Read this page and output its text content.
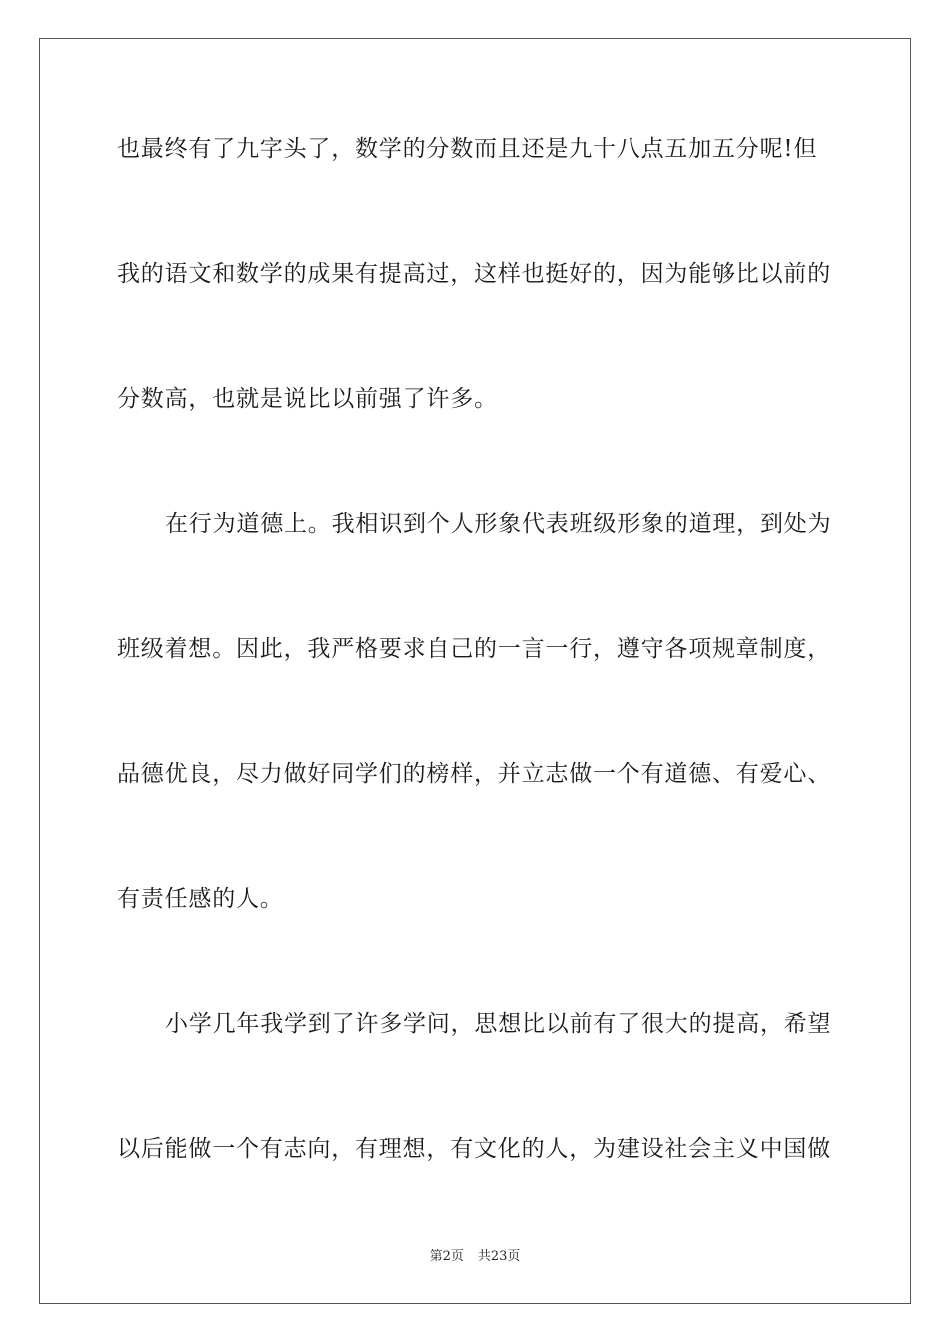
也最终有了九字头了，数学的分数而且还是九十八点五加五分呢!但
我的语文和数学的成果有提高过，这样也挺好的，因为能够比以前的
分数高，也就是说比以前强了许多。
在行为道德上。我相识到个人形象代表班级形象的道理，到处为
班级着想。因此，我严格要求自己的一言一行，遵守各项规章制度，
品德优良，尽力做好同学们的榜样，并立志做一个有道德、有爱心、
有责任感的人。
小学几年我学到了许多学问，思想比以前有了很大的提高，希望
以后能做一个有志向，有理想，有文化的人，为建设社会主义中国做
第2页 共23页
